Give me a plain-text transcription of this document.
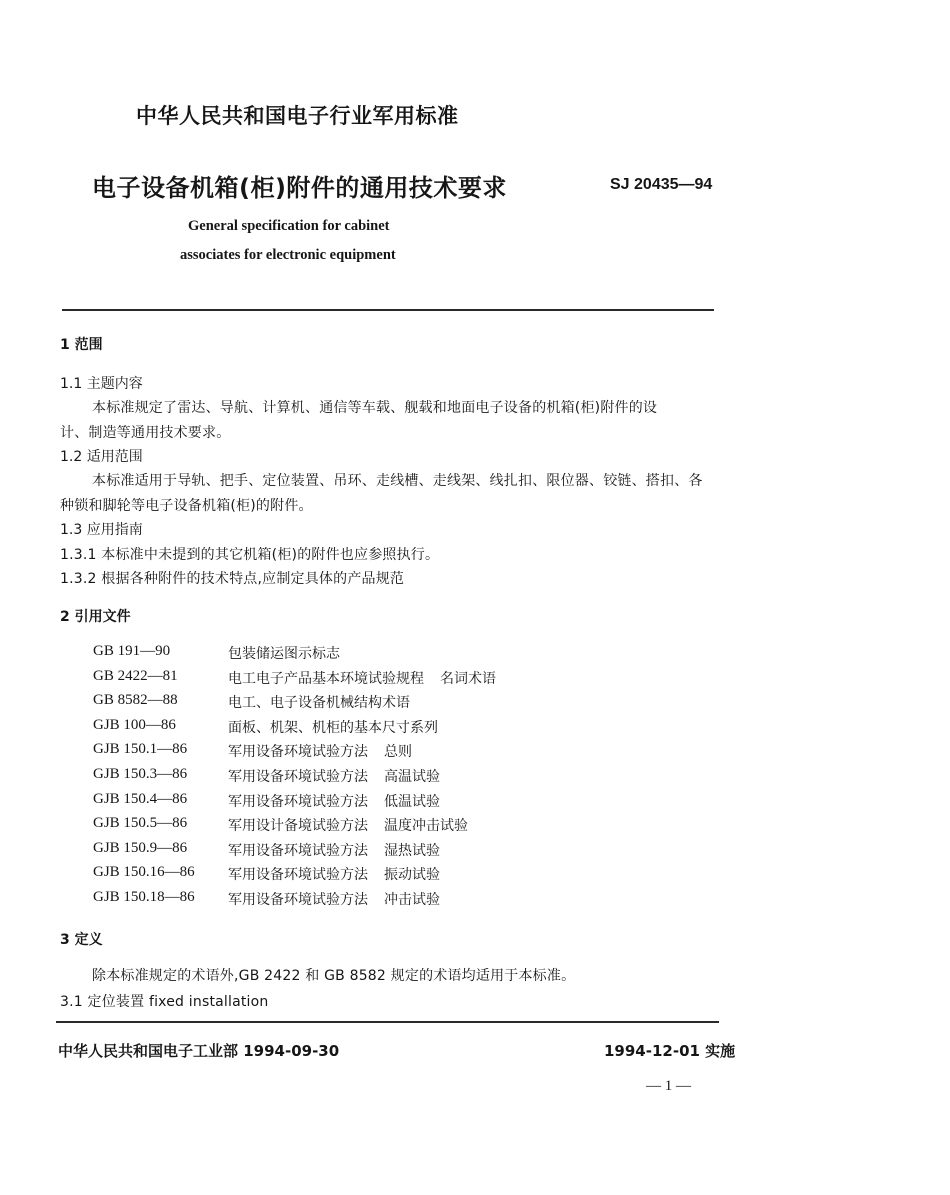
中华人民共和国电子行业军用标准
电子设备机箱(柜)附件的通用技术要求	SJ 20435—94
General specification for cabinet
associates for electronic equipment
1 范围
1.1 主题内容
本标准规定了雷达、导航、计算机、通信等车载、舰载和地面电子设备的机箱(柜)附件的设
计、制造等通用技术要求。
1.2 适用范围
本标准适用于导轨、把手、定位装置、吊环、走线槽、走线架、线扎扣、限位器、铰链、搭扣、各
种锁和脚轮等电子设备机箱(柜)的附件。
1.3 应用指南
1.3.1 本标准中未提到的其它机箱(柜)的附件也应参照执行。
1.3.2 根据各种附件的技术特点,应制定具体的产品规范
2 引用文件
GB 191—90	包装储运图示标志
GB 2422—81	电工电子产品基本环境试验规程 名词术语
GB 8582—88	电工、电子设备机械结构术语
GJB 100—86	面板、机架、机柜的基本尺寸系列
GJB 150.1—86	军用设备环境试验方法 总则
GJB 150.3—86	军用设备环境试验方法 高温试验
GJB 150.4—86	军用设备环境试验方法 低温试验
GJB 150.5—86	军用设计备境试验方法 温度冲击试验
GJB 150.9—86	军用设备环境试验方法 湿热试验
GJB 150.16—86 军用设备环境试验方法 振动试验
GJB 150.18—86 军用设备环境试验方法 冲击试验
3 定义
除本标准规定的术语外,GB 2422 和 GB 8582 规定的术语均适用于本标准。
3.1 定位装置 fixed installation
中华人民共和国电子工业部 1994-09-30	1994-12-01 实施
— 1 —
